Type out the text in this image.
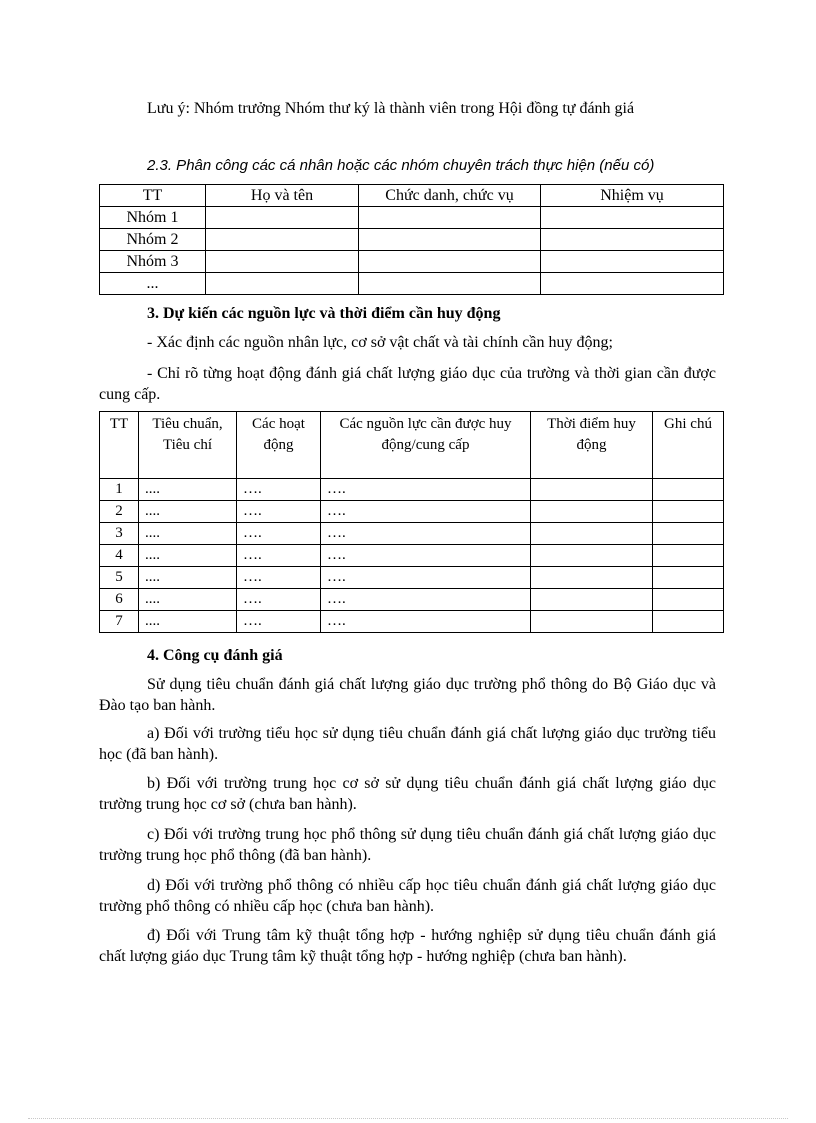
Lưu ý: Nhóm trưởng Nhóm thư ký là thành viên trong Hội đồng tự đánh giá
2.3. Phân công các cá nhân hoặc các nhóm chuyên trách thực hiện (nếu có)
TT	Họ và tên	Chức danh, chức vụ	Nhiệm vụ
Nhóm 1			
Nhóm 2			
Nhóm 3			
...			
3. Dự kiến các nguồn lực và thời điểm cần huy động
- Xác định các nguồn nhân lực, cơ sở vật chất và tài chính cần huy động;
- Chỉ rõ từng hoạt động đánh giá chất lượng giáo dục của trường và thời gian cần được cung cấp.
TT	Tiêu chuẩn, Tiêu chí	Các hoạt động	Các nguồn lực cần được huy động/cung cấp	Thời điểm huy động	Ghi chú
1	....	….	….		
2	....	….	….		
3	....	….	….		
4	....	….	….		
5	....	….	….		
6	....	….	….		
7	....	….	….		
4. Công cụ đánh giá
Sử dụng tiêu chuẩn đánh giá chất lượng giáo dục trường phổ thông do Bộ Giáo dục và Đào tạo ban hành.
a) Đối với trường tiểu học sử dụng tiêu chuẩn đánh giá chất lượng giáo dục trường tiểu học (đã ban hành).
b) Đối với trường trung học cơ sở sử dụng tiêu chuẩn đánh giá chất lượng giáo dục trường trung học cơ sở (chưa ban hành).
c) Đối với trường trung học phổ thông sử dụng tiêu chuẩn đánh giá chất lượng giáo dục trường trung học phổ thông (đã ban hành).
d) Đối với trường phổ thông có nhiều cấp học tiêu chuẩn đánh giá chất lượng giáo dục trường phổ thông có nhiều cấp học (chưa ban hành).
đ) Đối với Trung tâm kỹ thuật tổng hợp - hướng nghiệp sử dụng tiêu chuẩn đánh giá chất lượng giáo dục Trung tâm kỹ thuật tổng hợp - hướng nghiệp (chưa ban hành).
